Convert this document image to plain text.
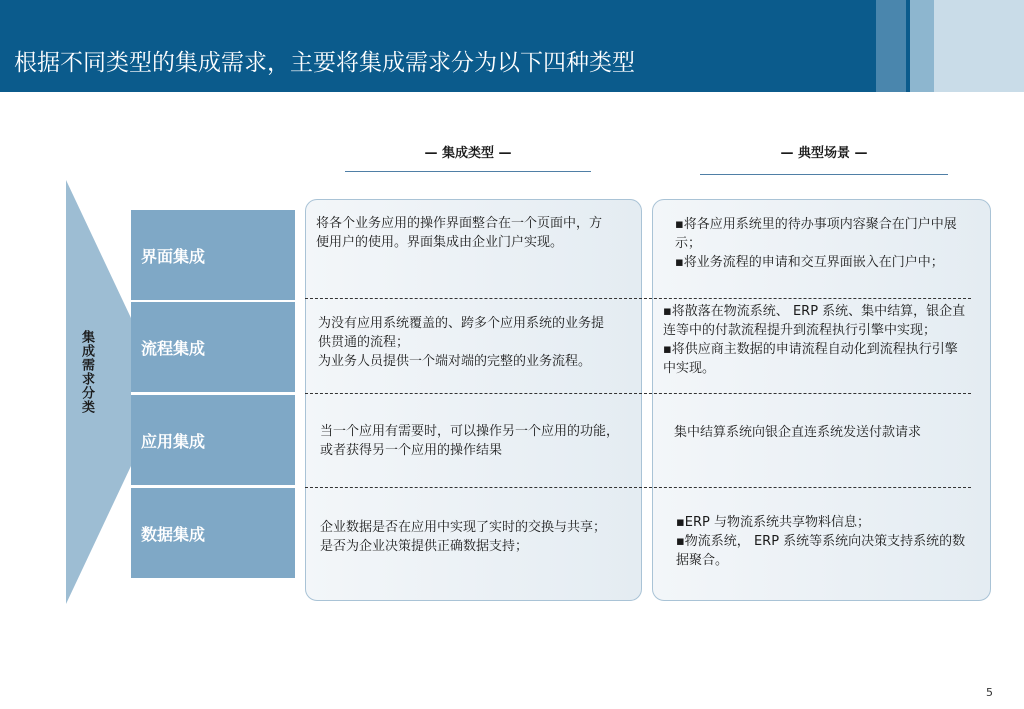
根据不同类型的集成需求，主要将集成需求分为以下四种类型
— 集成类型 —	— 典型场景 —
集成需求分类
界面集成
流程集成
应用集成
数据集成

将各个业务应用的操作界面整合在一个页面中，方便用户的使用。界面集成由企业门户实现。

▪将各应用系统里的待办事项内容聚合在门户中展示；

▪将业务流程的申请和交互界面嵌入在门户中；

为没有应用系统覆盖的、跨多个应用系统的业务提供贯通的流程；

为业务人员提供一个端对端的完整的业务流程。

▪将散落在物流系统、 ERP 系统、集中结算，银企直连等中的付款流程提升到流程执行引擎中实现；

▪将供应商主数据的申请流程自动化到流程执行引擎中实现。

当一个应用有需要时，可以操作另一个应用的功能，或者获得另一个应用的操作结果

集中结算系统向银企直连系统发送付款请求

企业数据是否在应用中实现了实时的交换与共享；是否为企业决策提供正确数据支持；

▪ERP 与物流系统共享物料信息；

▪物流系统， ERP 系统等系统向决策支持系统的数据聚合。

5
